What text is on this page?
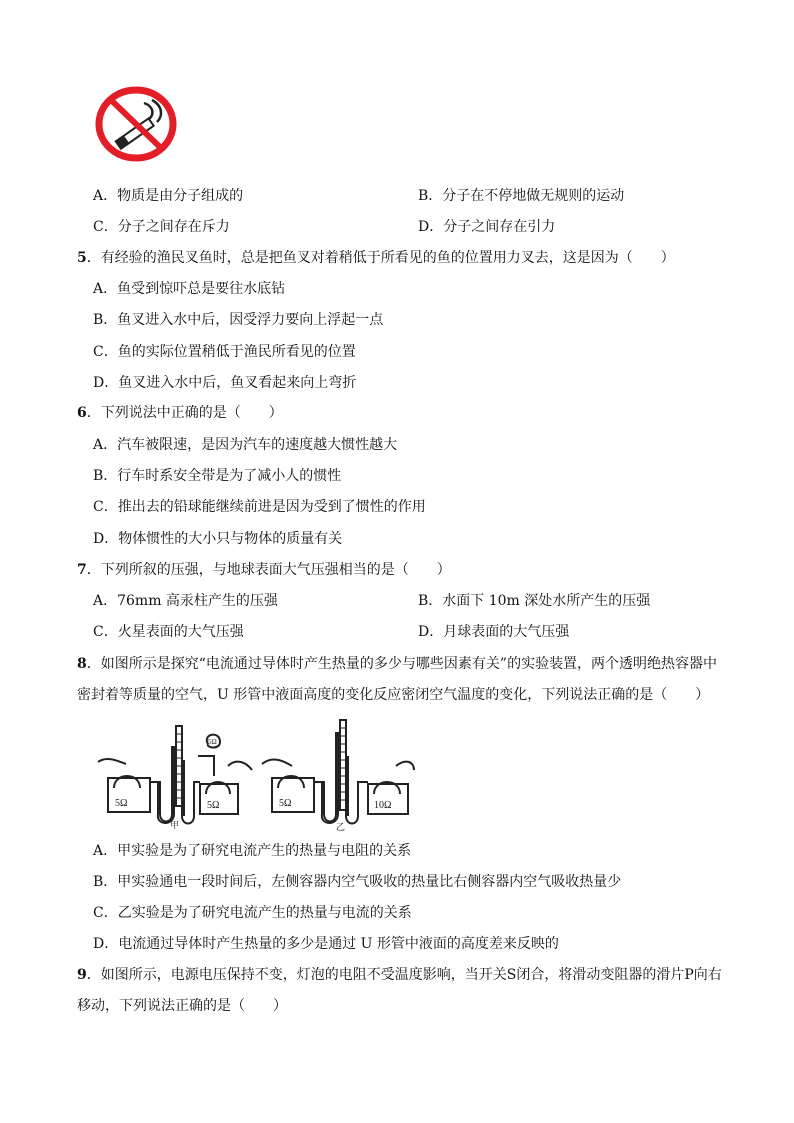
A．物质是由分子组成的	B．分子在不停地做无规则的运动
C．分子之间存在斥力	D．分子之间存在引力
5．有经验的渔民叉鱼时，总是把鱼叉对着稍低于所看见的鱼的位置用力叉去，这是因为（　　）
A．鱼受到惊吓总是要往水底钻
B．鱼叉进入水中后，因受浮力要向上浮起一点
C．鱼的实际位置稍低于渔民所看见的位置
D．鱼叉进入水中后，鱼叉看起来向上弯折
6．下列说法中正确的是（　　）
A．汽车被限速，是因为汽车的速度越大惯性越大
B．行车时系安全带是为了减小人的惯性
C．推出去的铅球能继续前进是因为受到了惯性的作用
D．物体惯性的大小只与物体的质量有关
7．下列所叙的压强，与地球表面大气压强相当的是（　　）
A．76mm 高汞柱产生的压强	B．水面下 10m 深处水所产生的压强
C．火星表面的大气压强	D．月球表面的大气压强
8．如图所示是探究“电流通过导体时产生热量的多少与哪些因素有关”的实验装置，两个透明绝热容器中
密封着等质量的空气，U 形管中液面高度的变化反应密闭空气温度的变化，下列说法正确的是（　　）
5Ω	5Ω
5Ω
5Ω	10Ω
甲	乙
A．甲实验是为了研究电流产生的热量与电阻的关系
B．甲实验通电一段时间后，左侧容器内空气吸收的热量比右侧容器内空气吸收热量少
C．乙实验是为了研究电流产生的热量与电流的关系
D．电流通过导体时产生热量的多少是通过 U 形管中液面的高度差来反映的
9．如图所示，电源电压保持不变，灯泡的电阻不受温度影响，当开关S闭合，将滑动变阻器的滑片P向右
移动，下列说法正确的是（　　）
